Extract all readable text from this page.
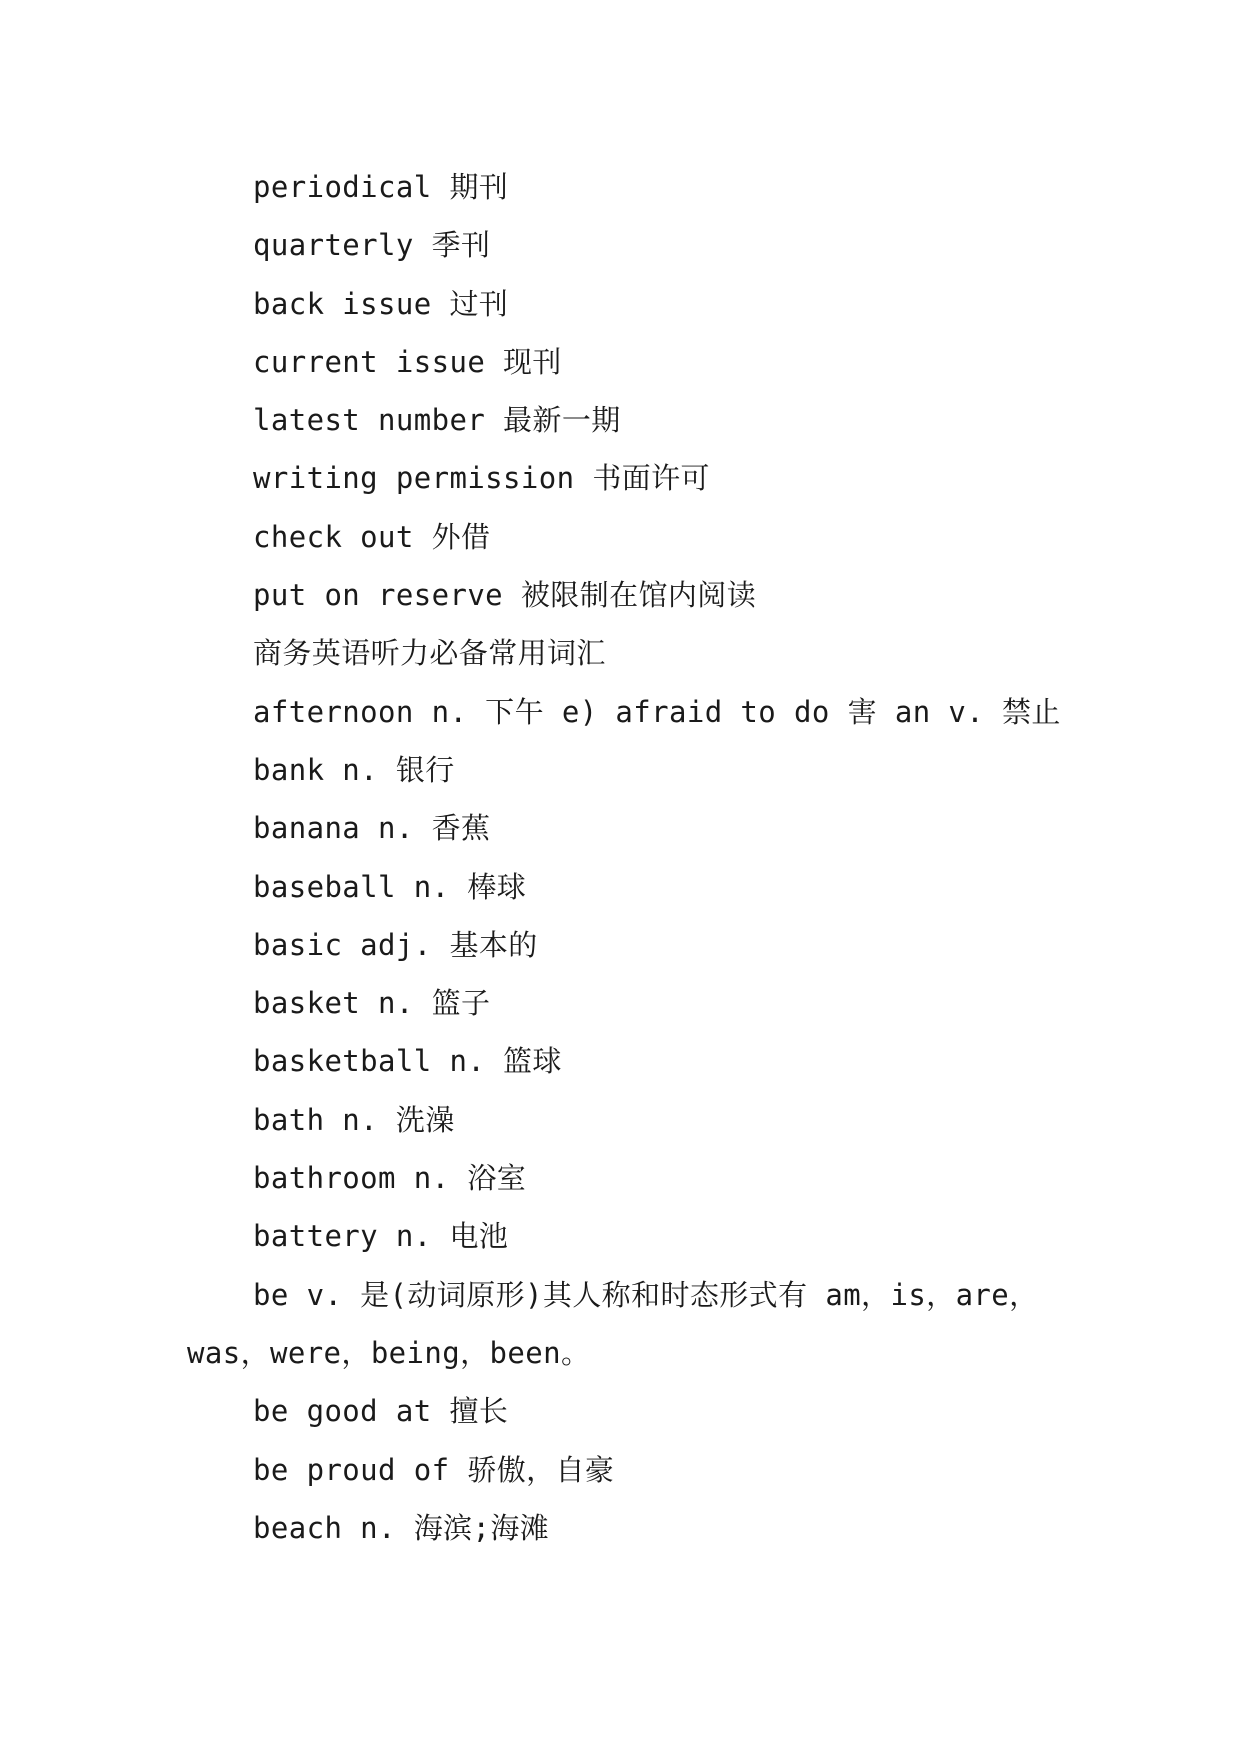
periodical 期刊
quarterly 季刊
back issue 过刊
current issue 现刊
latest number 最新一期
writing permission 书面许可
check out 外借
put on reserve 被限制在馆内阅读
商务英语听力必备常用词汇
afternoon n. 下午 e) afraid to do 害 an v. 禁止
bank n. 银行
banana n. 香蕉
baseball n. 棒球
basic adj. 基本的
basket n. 篮子
basketball n. 篮球
bath n. 洗澡
bathroom n. 浴室
battery n. 电池
be v. 是(动词原形)其人称和时态形式有 am，is，are，
was，were，being，been。
be good at 擅长
be proud of 骄傲，自豪
beach n. 海滨;海滩
